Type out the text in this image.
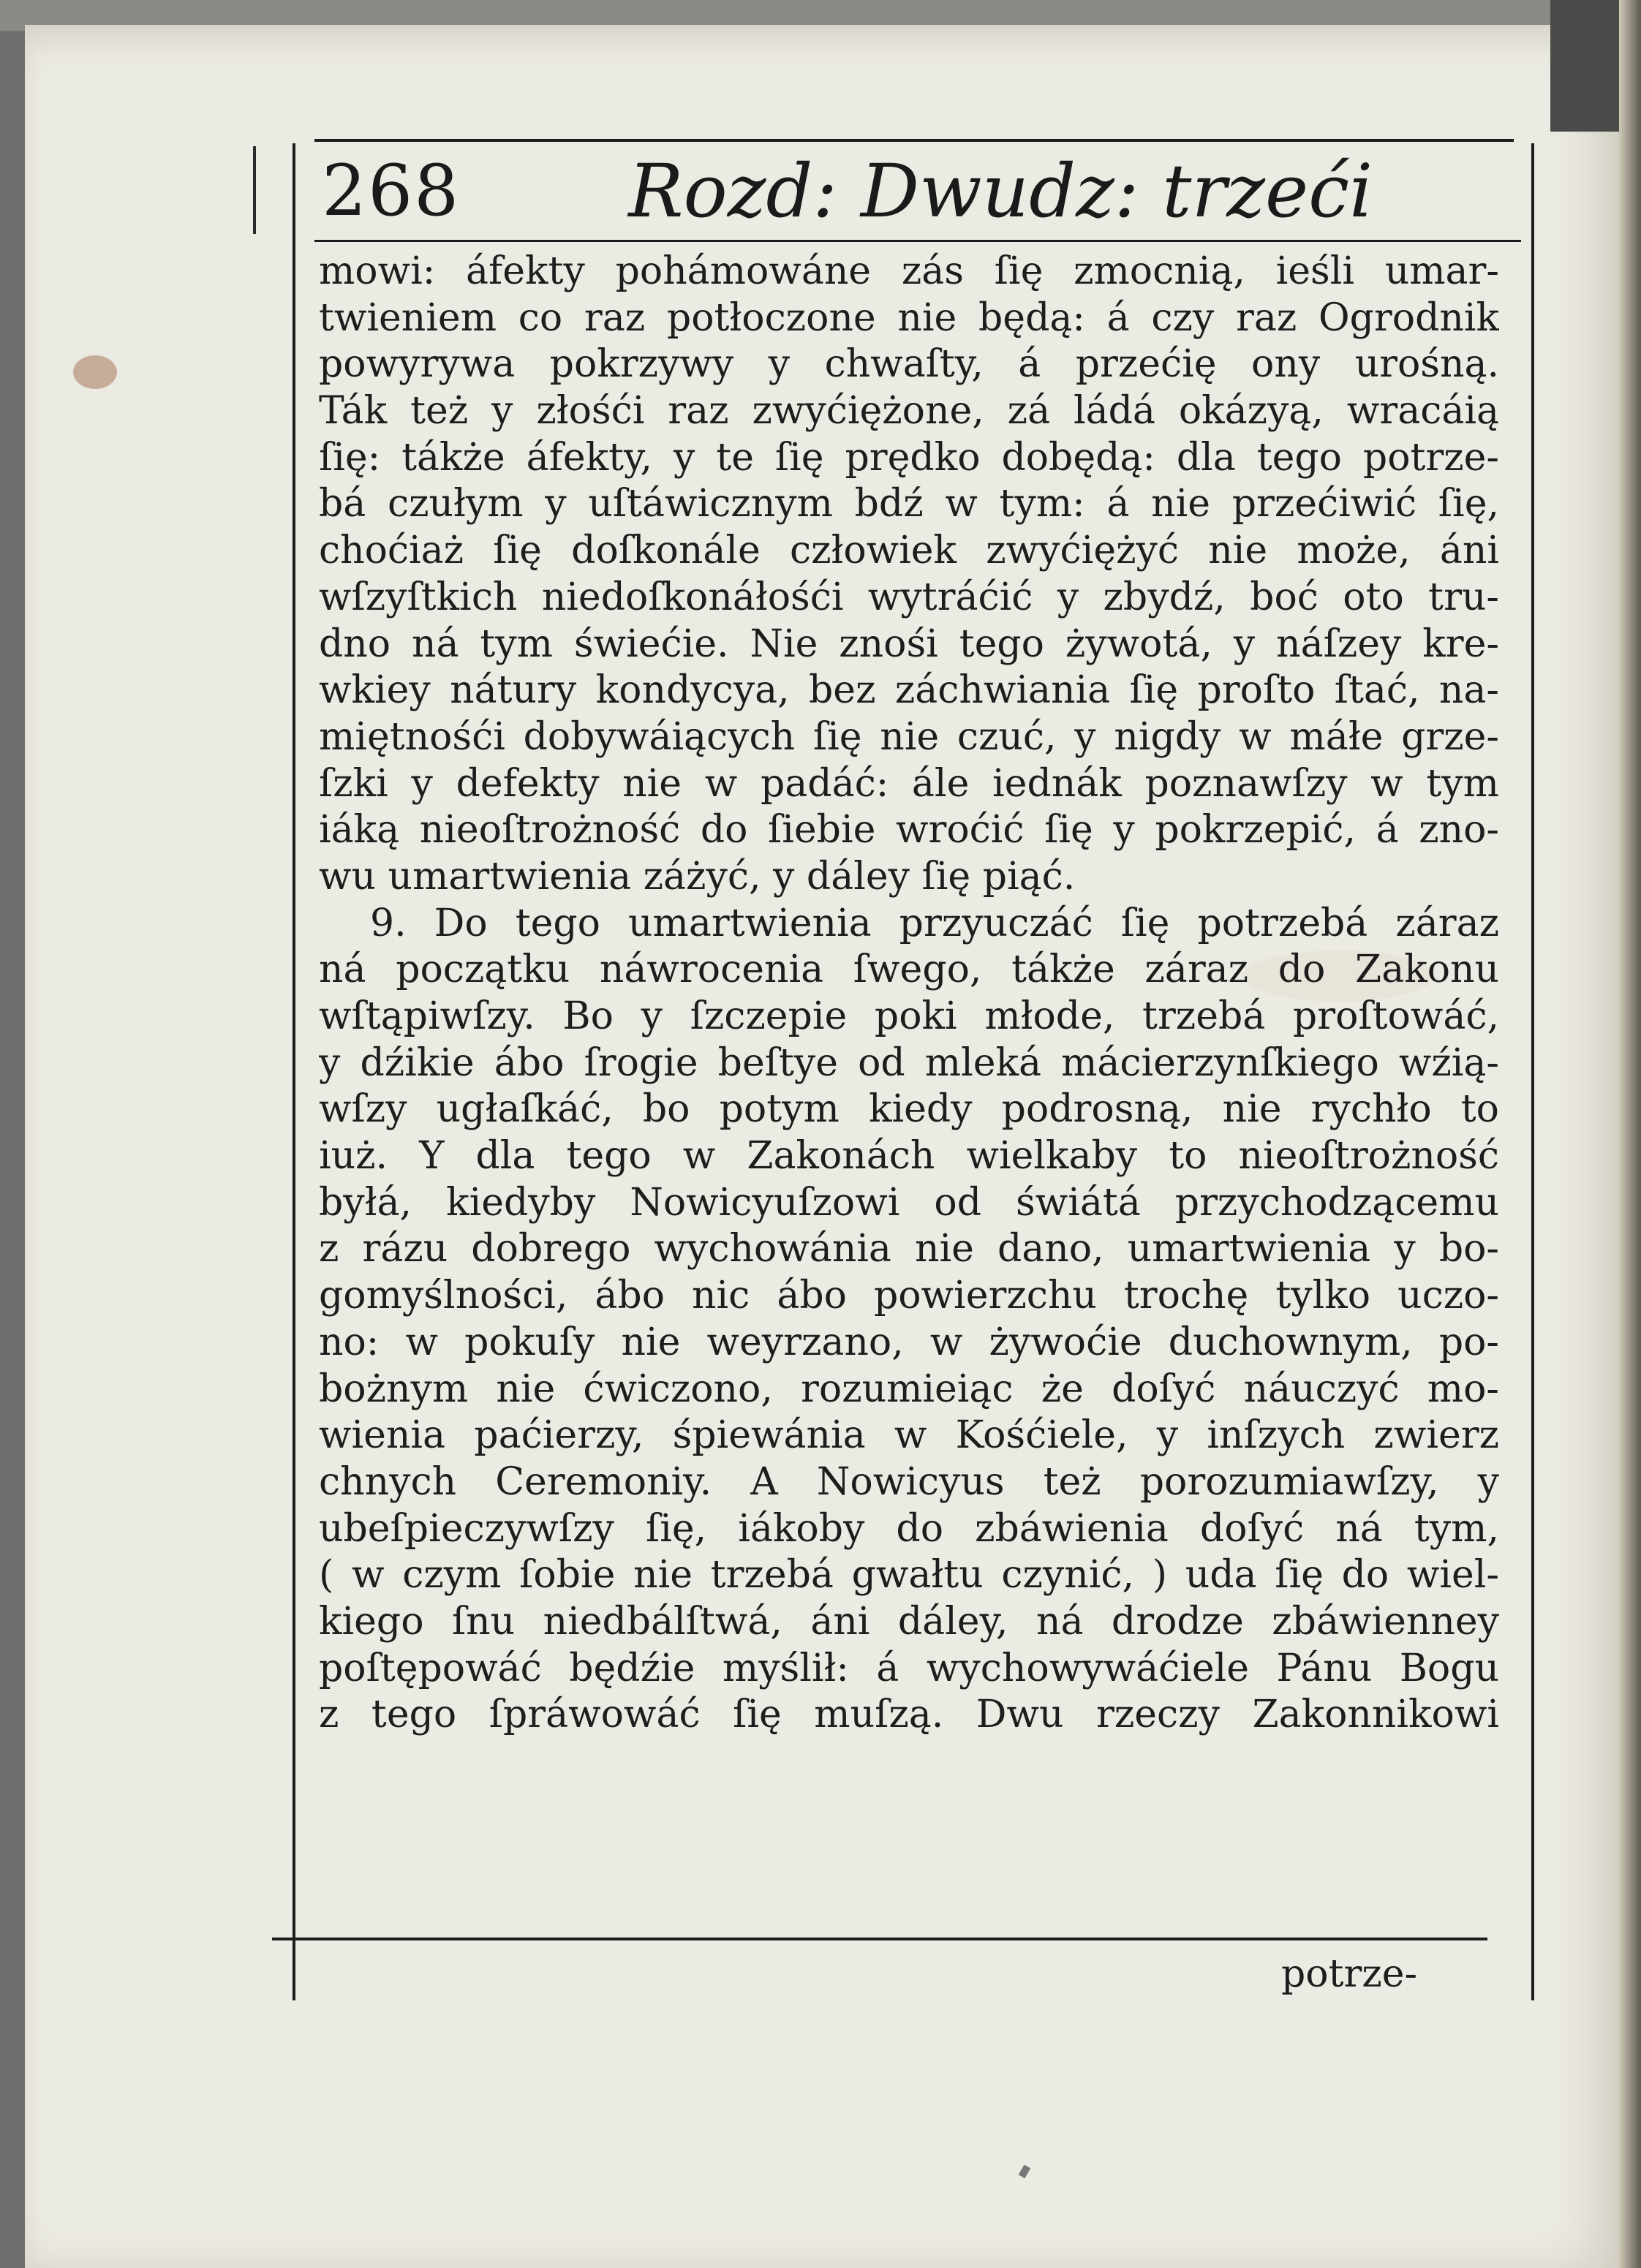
268 Rozd: Dwudz: trzeći
mowi: áfekty pohámowáne zás ſię zmocnią, ieśli umar-
twieniem co raz potłoczone nie będą: á czy raz Ogrodnik
powyrywa pokrzywy y chwaſty, á przećię ony urośną.
Ták też y złośći raz zwyćiężone, zá ládá okázyą, wracáią
ſię: tákże áfekty, y te ſię prędko dobędą: dla tego potrze-
bá czułym y uſtáwicznym bdź w tym: á nie przećiwić ſię,
choćiaż ſię doſkonále człowiek zwyćiężyć nie może, áni
wſzyſtkich niedoſkonáłośći wytráćić y zbydź, boć oto tru-
dno ná tym świećie. Nie znośi tego żywotá, y náſzey kre-
wkiey nátury kondycya, bez záchwiania ſię proſto ſtać, na-
miętnośći dobywáiących ſię nie czuć, y nigdy w máłe grze-
ſzki y defekty nie w padáć: ále iednák poznawſzy w tym
iáką nieoſtrożność do ſiebie wroćić ſię y pokrzepić, á zno-
wu umartwienia záżyć, y dáley ſię piąć.
9. Do tego umartwienia przyuczáć ſię potrzebá záraz
ná początku náwrocenia ſwego, tákże záraz do Zakonu
wſtąpiwſzy. Bo y ſzczepie poki młode, trzebá proſtowáć,
y dźikie ábo ſrogie beſtye od mleká mácierzynſkiego wźią-
wſzy ugłaſkáć, bo potym kiedy podrosną, nie rychło to
iuż. Y dla tego w Zakonách wielkaby to nieoſtrożność
byłá, kiedyby Nowicyuſzowi od świátá przychodzącemu
z rázu dobrego wychowánia nie dano, umartwienia y bo-
gomyślności, ábo nic ábo powierzchu trochę tylko uczo-
no: w pokuſy nie weyrzano, w żywoćie duchownym, po-
bożnym nie ćwiczono, rozumieiąc że doſyć náuczyć mo-
wienia paćierzy, śpiewánia w Kośćiele, y inſzych zwierz
chnych Ceremoniy. A Nowicyus też porozumiawſzy, y
ubeſpieczywſzy ſię, iákoby do zbáwienia doſyć ná tym,
( w czym ſobie nie trzebá gwałtu czynić, ) uda ſię do wiel-
kiego ſnu niedbálſtwá, áni dáley, ná drodze zbáwienney
poſtępowáć będźie myślił: á wychowywáćiele Pánu Bogu
z tego ſpráwowáć ſię muſzą. Dwu rzeczy Zakonnikowi
potrze-
